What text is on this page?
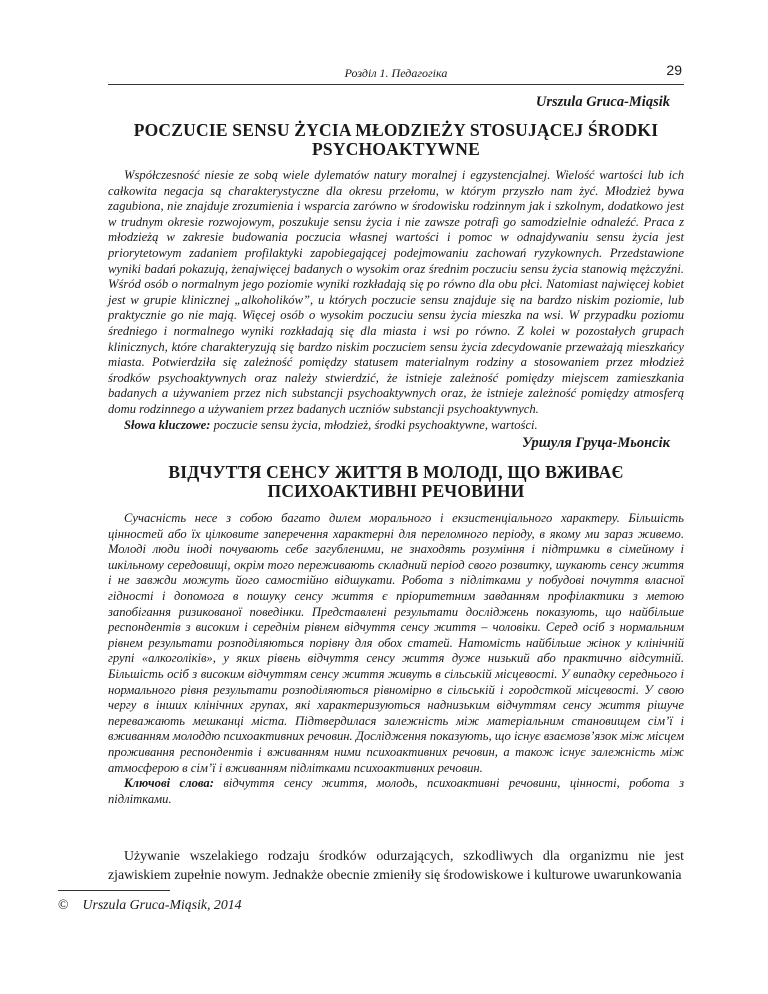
Розділ 1. Педагогіка	29
Urszula Gruca-Miąsik
POCZUCIE SENSU ŻYCIA MŁODZIEŻY STOSUJĄCEJ ŚRODKI PSYCHOAKTYWNE

Współczesność niesie ze sobą wiele dylematów natury moralnej i egzystencjalnej. Wielość wartości lub ich całkowita negacja są charakterystyczne dla okresu przełomu, w którym przyszło nam żyć. Młodzież bywa zagubiona, nie znajduje zrozumienia i wsparcia zarówno w środowisku rodzinnym jak i szkolnym, dodatkowo jest w trudnym okresie rozwojowym, poszukuje sensu życia i nie zawsze potrafi go samodzielnie odnaleźć. Praca z młodzieżą w zakresie budowania poczucia własnej wartości i pomoc w odnajdywaniu sensu życia jest priorytetowym zadaniem profilaktyki zapobiegającej podejmowaniu zachowań ryzykownych. Przedstawione wyniki badań pokazują, żenajwięcej badanych o wysokim oraz średnim poczuciu sensu życia stanowią mężczyźni. Wśród osób o normalnym jego poziomie wyniki rozkładają się po równo dla obu płci. Natomiast najwięcej kobiet jest w grupie klinicznej „alkoholików”, u których poczucie sensu znajduje się na bardzo niskim poziomie, lub praktycznie go nie mają. Więcej osób o wysokim poczuciu sensu życia mieszka na wsi. W przypadku poziomu średniego i normalnego wyniki rozkładają się dla miasta i wsi po równo. Z kolei w pozostałych grupach klinicznych, które charakteryzują się bardzo niskim poczuciem sensu życia zdecydowanie przeważają mieszkańcy miasta. Potwierdziła się zależność pomiędzy statusem materialnym rodziny a stosowaniem przez młodzież środków psychoaktywnych oraz należy stwierdzić, że istnieje zależność pomiędzy miejscem zamieszkania badanych a używaniem przez nich substancji psychoaktywnych oraz, że istnieje zależność pomiędzy atmosferą domu rodzinnego a używaniem przez badanych uczniów substancji psychoaktywnych.

Słowa kluczowe: poczucie sensu życia, młodzież, środki psychoaktywne, wartości.

Уршуля Груца-Мьонсік
ВІДЧУТТЯ СЕНСУ ЖИТТЯ В МОЛОДІ, ЩО ВЖИВАЄ ПСИХОАКТИВНІ РЕЧОВИНИ

Сучасність несе з собою багато дилем морального і екзистенціального характеру. Більшість цінностей або їх цілковите заперечення характерні для переломного періоду, в якому ми зараз живемо. Молоді люди іноді почувають себе загубленими, не знаходять розуміння і підтримки в сімейному і шкільному середовищі, окрім того переживають складний період свого розвитку, шукають сенсу життя і не завжди можуть його самостійно відшукати. Робота з підлітками у побудові почуття власної гідності і допомога в пошуку сенсу життя є пріоритетним завданням профілактики з метою запобігання ризикованої поведінки. Представлені результати досліджень показують, що найбільше респондентів з високим і середнім рівнем відчуття сенсу життя – чоловіки. Серед осіб з нормальним рівнем результати розподіляються порівну для обох статей. Натомість найбільше жінок у клінічній групі «алкоголіків», у яких рівень відчуття сенсу життя дуже низький або практично відсутній. Більшість осіб з високим відчуттям сенсу життя живуть в сільській місцевості. У випадку середнього і нормального рівня результати розподіляються рівномірно в сільській і городсткой місцевості. У свою чергу в інших клінічних групах, які характеризуються наднизьким відчуттям сенсу життя рішуче переважають мешканці міста. Підтвердилася залежність між матеріальним становищем сім’ї і вживанням молоддю психоактивних речовин. Дослідження показують, що існує взаємозв’язок між місцем проживання респондентів і вживанням ними психоактивних речовин, а також існує залежність між атмосферою в сім’ї і вживанням підлітками психоактивних речовин.

Ключові слова: відчуття сенсу життя, молодь, психоактивні речовини, цінності, робота з підлітками.

Używanie wszelakiego rodzaju środków odurzających, szkodliwych dla organizmu nie jest zjawiskiem zupełnie nowym. Jednakże obecnie zmieniły się środowiskowe i kulturowe uwarunkowania

© Urszula Gruca-Miąsik, 2014
